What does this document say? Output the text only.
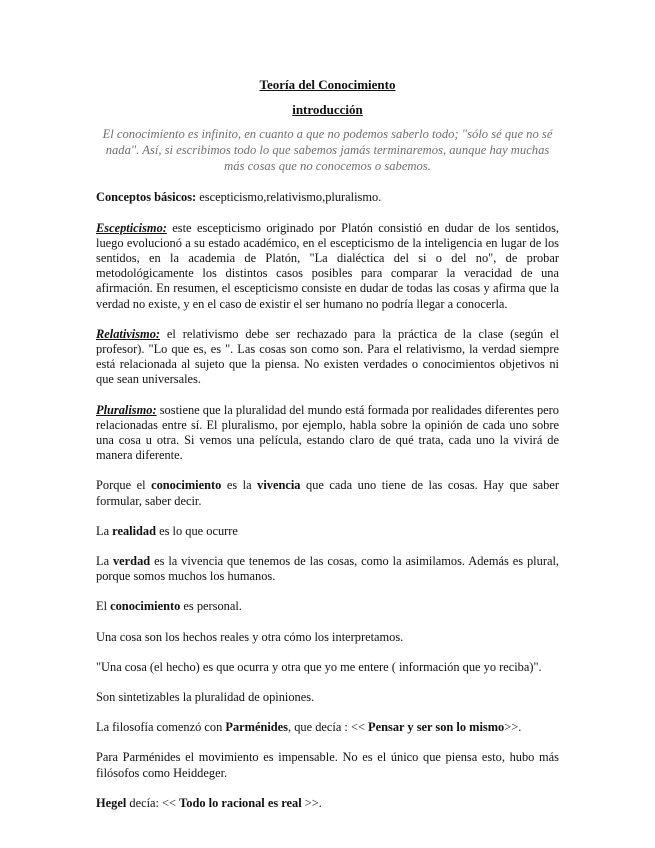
Teoría del Conocimiento
introducción

El conocimiento es infinito, en cuanto a que no podemos saberlo todo; "sólo sé que no sé nada". Así, si escribimos todo lo que sabemos jamás terminaremos, aunque hay muchas más cosas que no conocemos o sabemos.

Conceptos básicos: escepticismo,relativismo,pluralismo.

Escepticismo: este escepticismo originado por Platón consistió en dudar de los sentidos, luego evolucionó a su estado académico, en el escepticismo de la inteligencia en lugar de los sentidos, en la academia de Platón, "La dialéctica del si o del no", de probar metodológicamente los distintos casos posibles para comparar la veracidad de una afirmación. En resumen, el escepticismo consiste en dudar de todas las cosas y afirma que la verdad no existe, y en el caso de existir el ser humano no podría llegar a conocerla.

Relativismo: el relativismo debe ser rechazado para la práctica de la clase (según el profesor). "Lo que es, es ". Las cosas son como son. Para el relativismo, la verdad siempre está relacionada al sujeto que la piensa. No existen verdades o conocimientos objetivos ni que sean universales.

Pluralismo: sostiene que la pluralidad del mundo está formada por realidades diferentes pero relacionadas entre sí. El pluralismo, por ejemplo, habla sobre la opinión de cada uno sobre una cosa u otra. Si vemos una película, estando claro de qué trata, cada uno la vivirá de manera diferente.

Porque el conocimiento es la vivencia que cada uno tiene de las cosas. Hay que saber formular, saber decir.

La realidad es lo que ocurre

La verdad es la vivencia que tenemos de las cosas, como la asimilamos. Además es plural, porque somos muchos los humanos.

El conocimiento es personal.

Una cosa son los hechos reales y otra cómo los interpretamos.

"Una cosa (el hecho) es que ocurra y otra que yo me entere ( información que yo reciba)".

Son sintetizables la pluralidad de opiniones.

La filosofía comenzó con Parménides, que decía : << Pensar y ser son lo mismo>>.

Para Parménides el movimiento es impensable. No es el único que piensa esto, hubo más filósofos como Heiddeger.

Hegel decía: << Todo lo racional es real >>.
